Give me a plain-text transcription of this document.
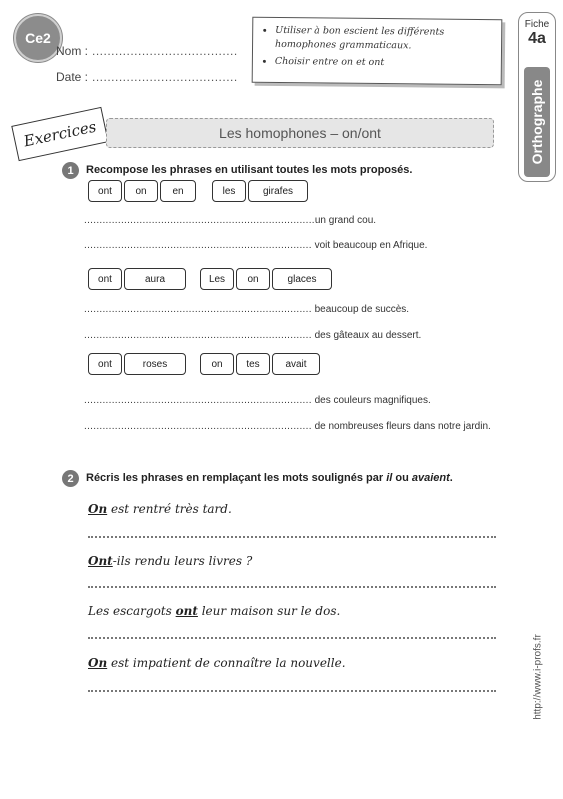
Ce2
Nom : ......................................
Date : ......................................
• Utiliser à bon escient les différents homophones grammaticaux.
• Choisir entre on et ont
Fiche
4a
Orthographe
Exercices	Les homophones – on/ont
1	Recompose les phrases en utilisant toutes les mots proposés.
ont	on	en	les	girafes
...........................................................................un grand cou.
.......................................................................... voit beaucoup en Afrique.
ont	aura	Les	on	glaces
.......................................................................... beaucoup de succès.
.......................................................................... des gâteaux au dessert.
ont	roses	on	tes	avait
.......................................................................... des couleurs magnifiques.
.......................................................................... de nombreuses fleurs dans notre jardin.
2	Récris les phrases en remplaçant les mots soulignés par il ou avaient.
On est rentré très tard.
Ont-ils rendu leurs livres ?
Les escargots ont leur maison sur le dos.
On est impatient de connaître la nouvelle.	http://www.i-profs.fr
